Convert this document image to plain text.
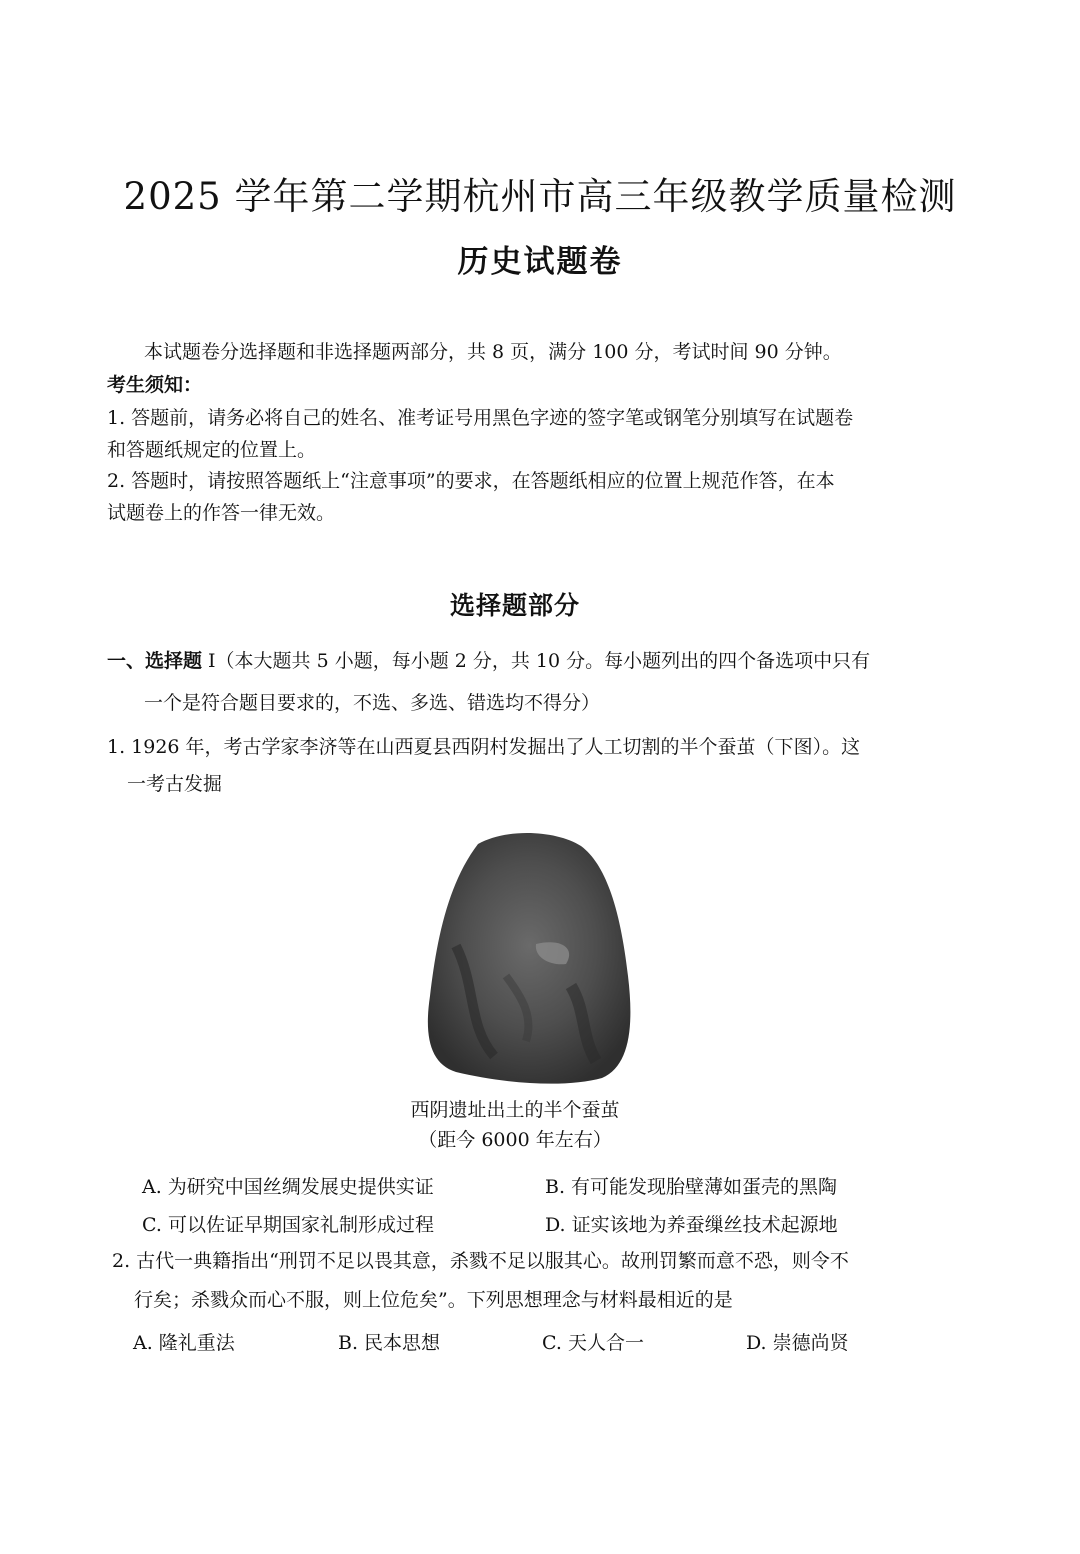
2025 学年第二学期杭州市高三年级教学质量检测
历史试题卷
本试题卷分选择题和非选择题两部分，共 8 页，满分 100 分，考试时间 90 分钟。
考生须知：
1. 答题前，请务必将自己的姓名、准考证号用黑色字迹的签字笔或钢笔分别填写在试题卷
和答题纸规定的位置上。
2. 答题时，请按照答题纸上“注意事项”的要求，在答题纸相应的位置上规范作答，在本
试题卷上的作答一律无效。
选择题部分
一、选择题 Ⅰ（本大题共 5 小题，每小题 2 分，共 10 分。每小题列出的四个备选项中只有
一个是符合题目要求的，不选、多选、错选均不得分）
1. 1926 年，考古学家李济等在山西夏县西阴村发掘出了人工切割的半个蚕茧（下图）。这
一考古发掘
西阴遗址出土的半个蚕茧
（距今 6000 年左右）
A. 为研究中国丝绸发展史提供实证	B. 有可能发现胎壁薄如蛋壳的黑陶
C. 可以佐证早期国家礼制形成过程	D. 证实该地为养蚕缫丝技术起源地
2. 古代一典籍指出“刑罚不足以畏其意，杀戮不足以服其心。故刑罚繁而意不恐，则令不
行矣；杀戮众而心不服，则上位危矣”。下列思想理念与材料最相近的是
A. 隆礼重法	B. 民本思想	C. 天人合一	D. 崇德尚贤
